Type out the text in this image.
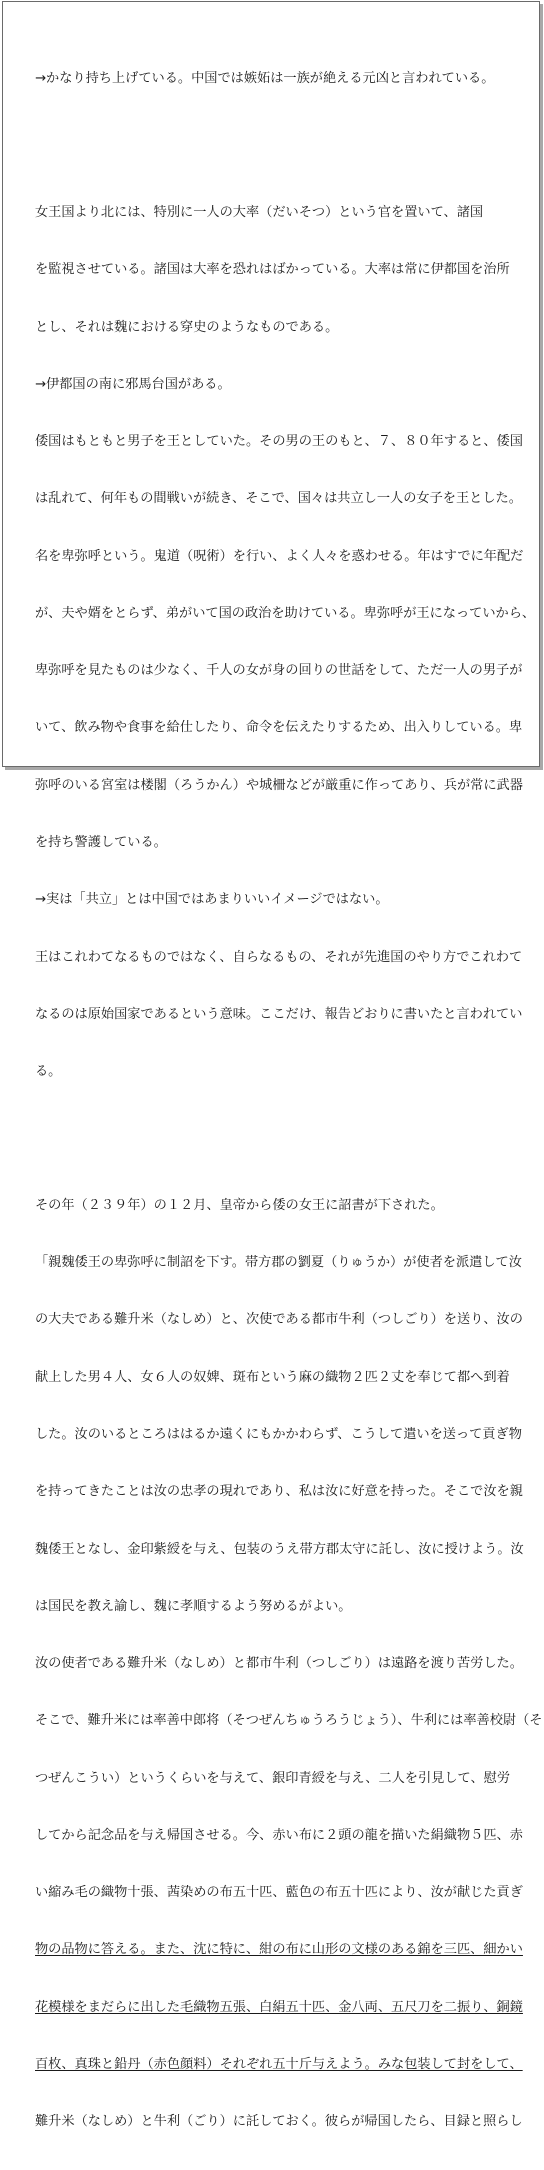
→かなり持ち上げている。中国では嫉妬は一族が絶える元凶と言われている。

女王国より北には、特別に一人の大率（だいそつ）という官を置いて、諸国

を監視させている。諸国は大率を恐れはばかっている。大率は常に伊都国を治所

とし、それは魏における穿史のようなものである。

→伊都国の南に邪馬台国がある。

倭国はもともと男子を王としていた。その男の王のもと、７、８０年すると、倭国

は乱れて、何年もの間戦いが続き、そこで、国々は共立し一人の女子を王とした。

名を卑弥呼という。鬼道（呪術）を行い、よく人々を惑わせる。年はすでに年配だ

が、夫や婿をとらず、弟がいて国の政治を助けている。卑弥呼が王になっていから、

卑弥呼を見たものは少なく、千人の女が身の回りの世話をして、ただ一人の男子が

いて、飲み物や食事を給仕したり、命令を伝えたりするため、出入りしている。卑

弥呼のいる宮室は楼閣（ろうかん）や城柵などが厳重に作ってあり、兵が常に武器

を持ち警護している。

→実は「共立」とは中国ではあまりいいイメージではない。

王はこれわてなるものではなく、自らなるもの、それが先進国のやり方でこれわて

なるのは原始国家であるという意味。ここだけ、報告どおりに書いたと言われてい

る。

その年（２３９年）の１２月、皇帝から倭の女王に詔書が下された。

「親魏倭王の卑弥呼に制詔を下す。帯方郡の劉夏（りゅうか）が使者を派遣して汝

の大夫である難升米（なしめ）と、次使である都市牛利（つしごり）を送り、汝の

献上した男４人、女６人の奴婢、斑布という麻の織物２匹２丈を奉じて都へ到着

した。汝のいるところははるか遠くにもかかわらず、こうして遣いを送って貢ぎ物

を持ってきたことは汝の忠孝の現れであり、私は汝に好意を持った。そこで汝を親

魏倭王となし、金印紫綬を与え、包装のうえ帯方郡太守に託し、汝に授けよう。汝

は国民を教え諭し、魏に孝順するよう努めるがよい。

汝の使者である難升米（なしめ）と都市牛利（つしごり）は遠路を渡り苦労した。

そこで、難升米には率善中郎将（そつぜんちゅうろうじょう）、牛利には率善校尉（そ

つぜんこうい）というくらいを与えて、銀印青綬を与え、二人を引見して、慰労

してから記念品を与え帰国させる。今、赤い布に２頭の龍を描いた絹織物５匹、赤

い縮み毛の織物十張、茜染めの布五十匹、藍色の布五十匹により、汝が献じた貢ぎ

物の品物に答える。また、沈に特に、紺の布に山形の文様のある錦を三匹、細かい

花模様をまだらに出した毛織物五張、白絹五十匹、金八両、五尺刀を二振り、銅鏡

百枚、真珠と鉛丹（赤色顔料）それぞれ五十斤与えよう。みな包装して封をして、

難升米（なしめ）と牛利（ごり）に託しておく。彼らが帰国したら、目録と照らし
